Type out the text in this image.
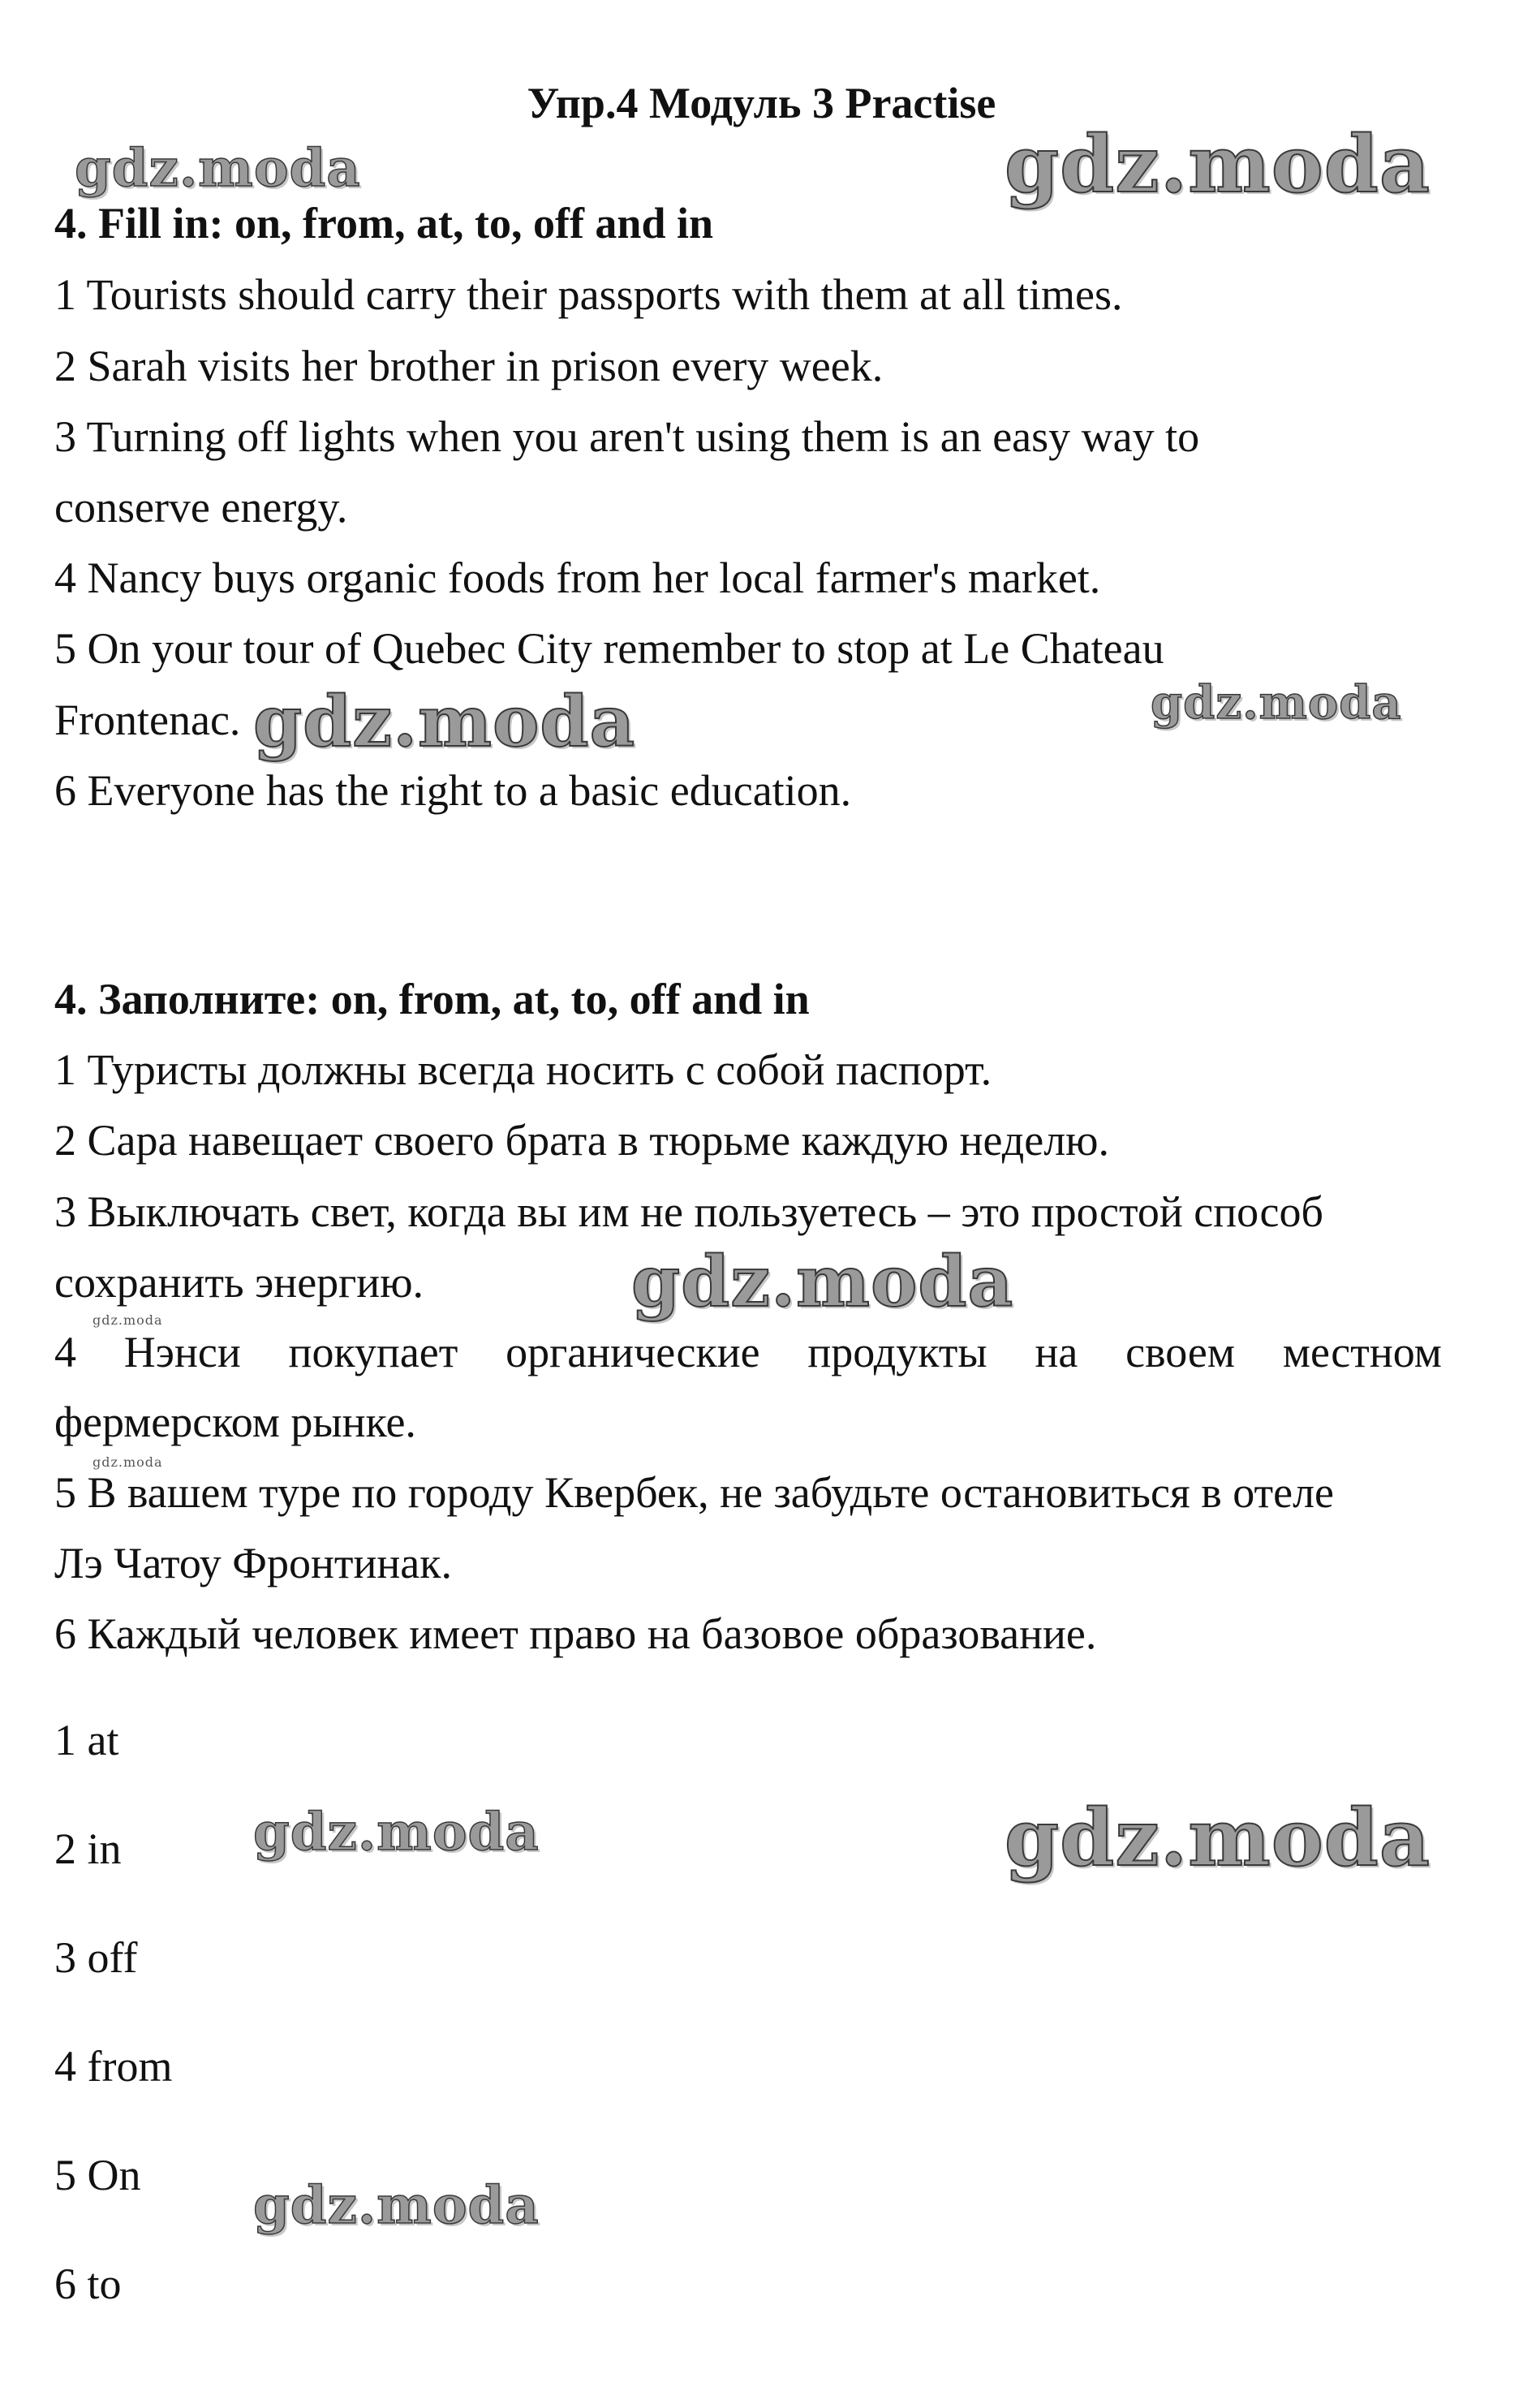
Упр.4 Модуль 3 Practise
4. Fill in: on, from, at, to, off and in
1 Tourists should carry their passports with them at all times.
2 Sarah visits her brother in prison every week.
3 Turning off lights when you aren't using them is an easy way to
conserve energy.
4 Nancy buys organic foods from her local farmer's market.
5 On your tour of Quebec City remember to stop at Le Chateau
Frontenac.
6 Everyone has the right to a basic education.
4. Заполните: on, from, at, to, off and in
1 Туристы должны всегда носить с собой паспорт.
2 Сара навещает своего брата в тюрьме каждую неделю.
3 Выключать свет, когда вы им не пользуетесь – это простой способ
сохранить энергию.
4 Нэнси покупает органические продукты на своем местном
фермерском рынке.
5 В вашем туре по городу Квербек, не забудьте остановиться в отеле
Лэ Чатоу Фронтинак.
6 Каждый человек имеет право на базовое образование.
1 at
2 in
3 off
4 from
5 On
6 to
gdz.moda	gdz.moda
gdz.moda	gdz.moda
gdz.moda
gdz.moda
gdz.moda
gdz.moda	gdz.moda
gdz.moda
